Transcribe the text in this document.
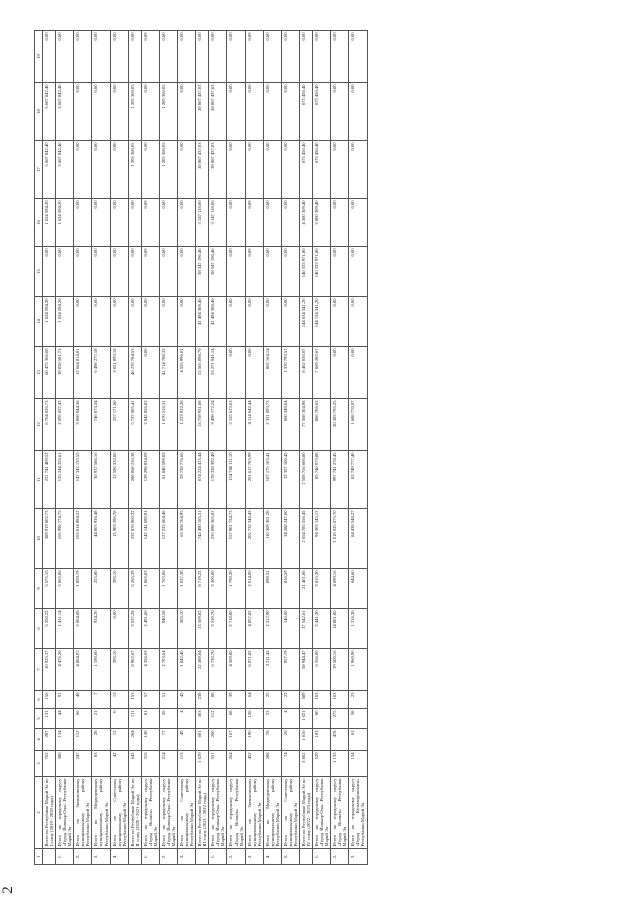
2
1	2	3	4	5	6	7	8	9	10	11	12	13	14	15	16	17	18	19
	Всего по Республике Марий Эл по I этапу (2019 - 2020 годы)	762	287	131	156	10 925,37	5 350,22	5 575,15	389 919 002,73	221 741 409,52	6 764 026,73	60 475 366,08	1 624 594,20	0,00	1 624 594,20	5 667 842,40	5 667 842,40	0,00
1.	Итого по городскому округу «Город Йошкар-Ола» Республики Марий Эл	380	134	44	91	4 476,20	1 411,14	3 065,06	165 996 774,75	125 244 355,61	2 695 837,43	38 058 581,71	1 624 594,20	0,00	1 624 594,20	5 667 842,40	5 667 842,40	0,00
2.	Итого по Звениговскому муниципальному району Республики Марий Эл	247	112	66	46	4 864,07	3 004,88	1 859,19	163 014 894,52	147 343 135,55	3 006 944,36	12 664 814,61	0,00	0,00	0,00	0,00	0,00	0,00
3.	Итого по Медведевскому муниципальному району Республики Марий Эл	83	28	21	7	1 190,00	934,20	255,80	44 003 936,48	36 937 586,16	746 073,34	6 498 277,18	0,00	0,00	0,00	0,00	0,00	0,00
4.	Итого по Советскому муниципальному району Республики Марий Эл	42	13	0	13	395,10	0,00	395,10	15 903 396,78	12 596 332,00	257 171,60	3 051 893,18	0,00	0,00	0,00	0,00	0,00	0,00
	Всего по Республике Марий Эл по II этапу (2020 - 2021 годы)	643	264	111	153	8 902,67	3 637,28	5 265,39	332 876 000,32	280 868 210,38	5 737 005,41	46 270 784,53	0,00	0,00	0,00	1 205 360,05	1 205 360,05	0,00
1.	Итого по городскому округу «Город Волжск» Республики Марий Эл	316	138	81	57	4 356,63	2 491,60	1 865,03	142 141 690,91	139 298 834,09	2 842 856,82	0,00	0,00	0,00	0,00	0,00	0,00	0,00
2.	Итого по городскому округу «Город Йошкар-Ола» Республики Марий Эл	214	77	26	51	2 703,64	940,58	1 763,06	127 225 604,46	81 840 599,83	1 670 216,31	41 714 788,32	0,00	0,00	0,00	1 205 360,05	1 205 360,05	0,00
3.	Итого по Советскому муниципальному району Республики Марий Эл	113	49	4	45	1 842,40	205,10	1 637,30	63 508 704,95	59 728 776,66	1 223 932,28	4 555 996,01	0,00	0,00	0,00	0,00	0,00	0,00
	Всего по Республике Марий Эл по III этапу (2021 - 2022 годы)	1 629	601	363	238	22 289,04	13 569,82	8 719,22	742 490 185,31	674 224 415,44	13 759 931,08	53 505 898,79	41 494 308,46	38 347 190,46	3 147 118,00	28 867 437,03	28 867 437,03	0,00
1.	Итого по городскому округу «Город Йошкар-Ола» Республики Марий Эл	551	200	112	88	6 730,70	3 530,70	3 200,00	235 098 505,87	178 328 392,49	3 498 172,24	53 271 941,14	41 494 308,46	38 347 190,46	3 147 118,00	28 867 437,03	28 867 437,03	0,00
2.	Итого по городскому округу «Город Волжск» Республики Марий Эл	264	107	68	39	4 509,00	2 718,80	1 790,20	157 901 724,73	154 746 111,10	3 155 613,63	0,00	0,00	0,00	0,00	0,00	0,00	0,00
3.	Итого по Звениговскому муниципальному району Республики Марий Эл	452	190	126	64	6 871,82	4 857,82	2 014,00	205 732 346,43	201 617 703,99	4 114 642,44	0,00	0,00	0,00	0,00	0,00	0,00	0,00
4.	Итого по Медведевскому муниципальному району Республики Марий Эл	288	78	53	25	3 211,42	2 312,90	898,52	110 369 361,28	107 175 103,41	2 331 093,73	863 164,14	0,00	0,00	0,00	0,00	0,00	0,00
5.	Итого по Советскому муниципальному району Республики Марий Эл	74	26	4	22	957,19	140,60	816,59	34 288 247,00	32 357 100,45	600 349,04	1 370 793,51	0,00	0,00	0,00	0,00	0,00	0,00
	Всего по Республике Марий Эл по IV этапу (2022 - 2023 годы)	3 862	1 610	1 021	589	58 944,47	37 542,61	21 401,86	2 654 785 556,45	2 508 756 600,80	77 568 304,98	8 462 050,67	144 634 341,20	140 333 971,80	4 300 369,40	673 450,40	673 450,40	0,00
1.	Итого по городскому округу «Город Йошкар-Ола» Республики Марий Эл	529	183	80	103	6 256,00	2 441,30	3 815,30	94 303 145,17	85 746 075,88	886 786,62	7 669 282,67	144 134 341,20	140 333 971,80	3 800 369,40	673 450,40	673 450,40	0,00
2.	Итого по городскому округу «Город Волжск» Республики Марий Эл	1 135	478	275	103	19 500,16	14 801,00	4 699,16	1 018 025 075,70	997 741 278,45	20 283 795,25	0,00	0,00	0,00	0,00	0,00	0,00	0,00
3.	Итого по городскому округу «Город Козьмодемьянск» Республики Марий Эл	134	61	38	23	1 960,90	1 316,30	644,60	84 438 548,27	82 749 777,40	1 688 770,97	0,00	0,00	0,00	0,00	0,00	0,00	0,00
